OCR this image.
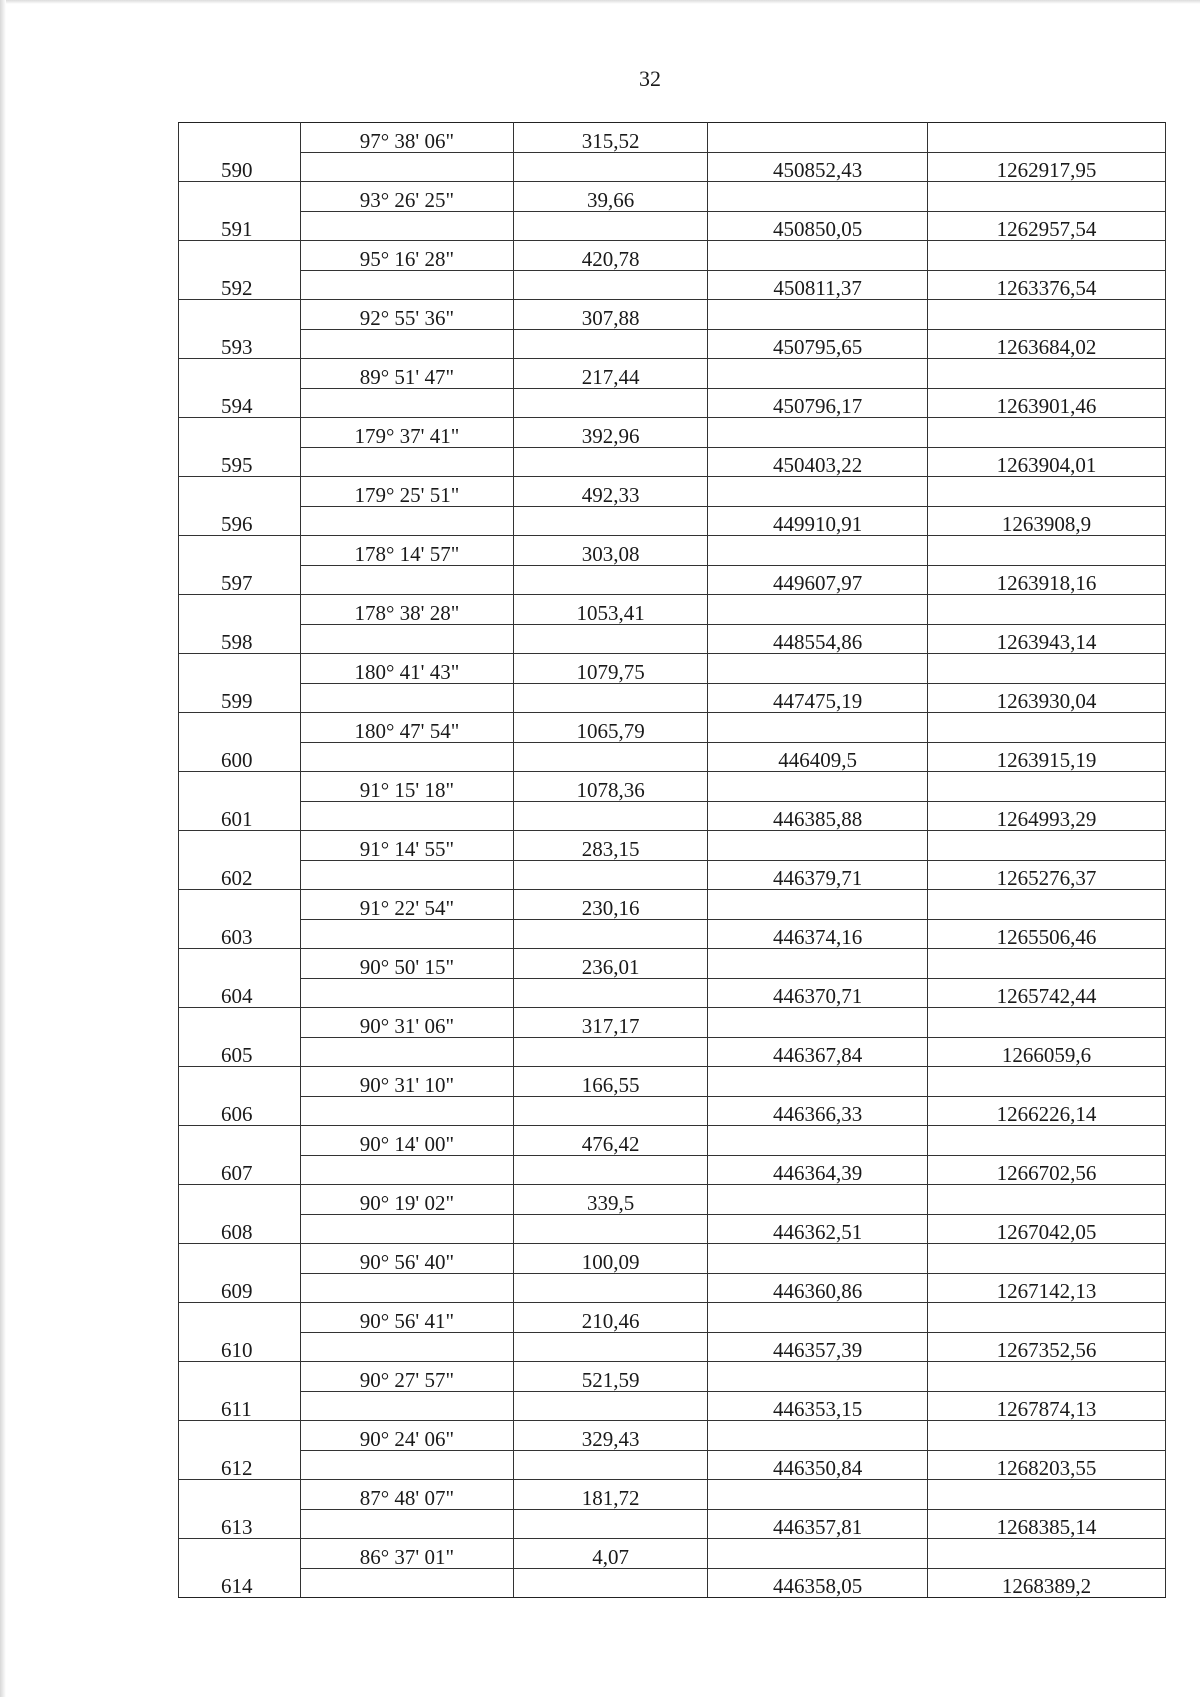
32
	97° 38' 06"	315,52		
590			450852,43	1262917,95
	93° 26' 25"	39,66		
591			450850,05	1262957,54
	95° 16' 28"	420,78		
592			450811,37	1263376,54
	92° 55' 36"	307,88		
593			450795,65	1263684,02
	89° 51' 47"	217,44		
594			450796,17	1263901,46
	179° 37' 41"	392,96		
595			450403,22	1263904,01
	179° 25' 51"	492,33		
596			449910,91	1263908,9
	178° 14' 57"	303,08		
597			449607,97	1263918,16
	178° 38' 28"	1053,41		
598			448554,86	1263943,14
	180° 41' 43"	1079,75		
599			447475,19	1263930,04
	180° 47' 54"	1065,79		
600			446409,5	1263915,19
	91° 15' 18"	1078,36		
601			446385,88	1264993,29
	91° 14' 55"	283,15		
602			446379,71	1265276,37
	91° 22' 54"	230,16		
603			446374,16	1265506,46
	90° 50' 15"	236,01		
604			446370,71	1265742,44
	90° 31' 06"	317,17		
605			446367,84	1266059,6
	90° 31' 10"	166,55		
606			446366,33	1266226,14
	90° 14' 00"	476,42		
607			446364,39	1266702,56
	90° 19' 02"	339,5		
608			446362,51	1267042,05
	90° 56' 40"	100,09		
609			446360,86	1267142,13
	90° 56' 41"	210,46		
610			446357,39	1267352,56
	90° 27' 57"	521,59		
611			446353,15	1267874,13
	90° 24' 06"	329,43		
612			446350,84	1268203,55
	87° 48' 07"	181,72		
613			446357,81	1268385,14
	86° 37' 01"	4,07		
614			446358,05	1268389,2
